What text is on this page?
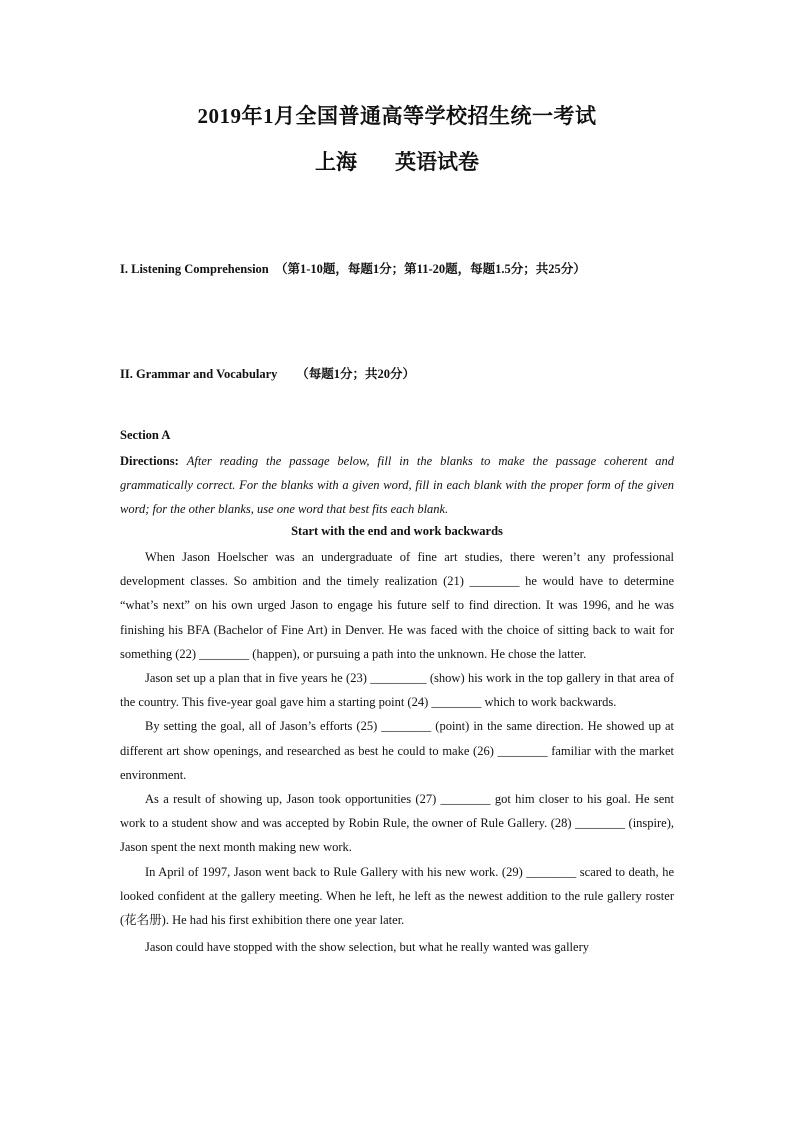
2019年1月全国普通高等学校招生统一考试
上海 英语试卷
I. Listening Comprehension （第1-10题，每题1分；第11-20题，每题1.5分；共25分）
II. Grammar and Vocabulary （每题1分；共20分）
Section A
Directions: After reading the passage below, fill in the blanks to make the passage coherent and grammatically correct. For the blanks with a given word, fill in each blank with the proper form of the given word; for the other blanks, use one word that best fits each blank.
Start with the end and work backwards

When Jason Hoelscher was an undergraduate of fine art studies, there weren’t any professional development classes. So ambition and the timely realization (21) ________ he would have to determine “what’s next” on his own urged Jason to engage his future self to find direction. It was 1996, and he was finishing his BFA (Bachelor of Fine Art) in Denver. He was faced with the choice of sitting back to wait for something (22) ________ (happen), or pursuing a path into the unknown. He chose the latter.

Jason set up a plan that in five years he (23) _________ (show) his work in the top gallery in that area of the country. This five-year goal gave him a starting point (24) ________ which to work backwards.

By setting the goal, all of Jason’s efforts (25) ________ (point) in the same direction. He showed up at different art show openings, and researched as best he could to make (26) ________ familiar with the market environment.

As a result of showing up, Jason took opportunities (27) ________ got him closer to his goal. He sent work to a student show and was accepted by Robin Rule, the owner of Rule Gallery. (28) ________ (inspire), Jason spent the next month making new work.

In April of 1997, Jason went back to Rule Gallery with his new work. (29) ________ scared to death, he looked confident at the gallery meeting. When he left, he left as the newest addition to the rule gallery roster (花名册). He had his first exhibition there one year later.

Jason could have stopped with the show selection, but what he really wanted was gallery
